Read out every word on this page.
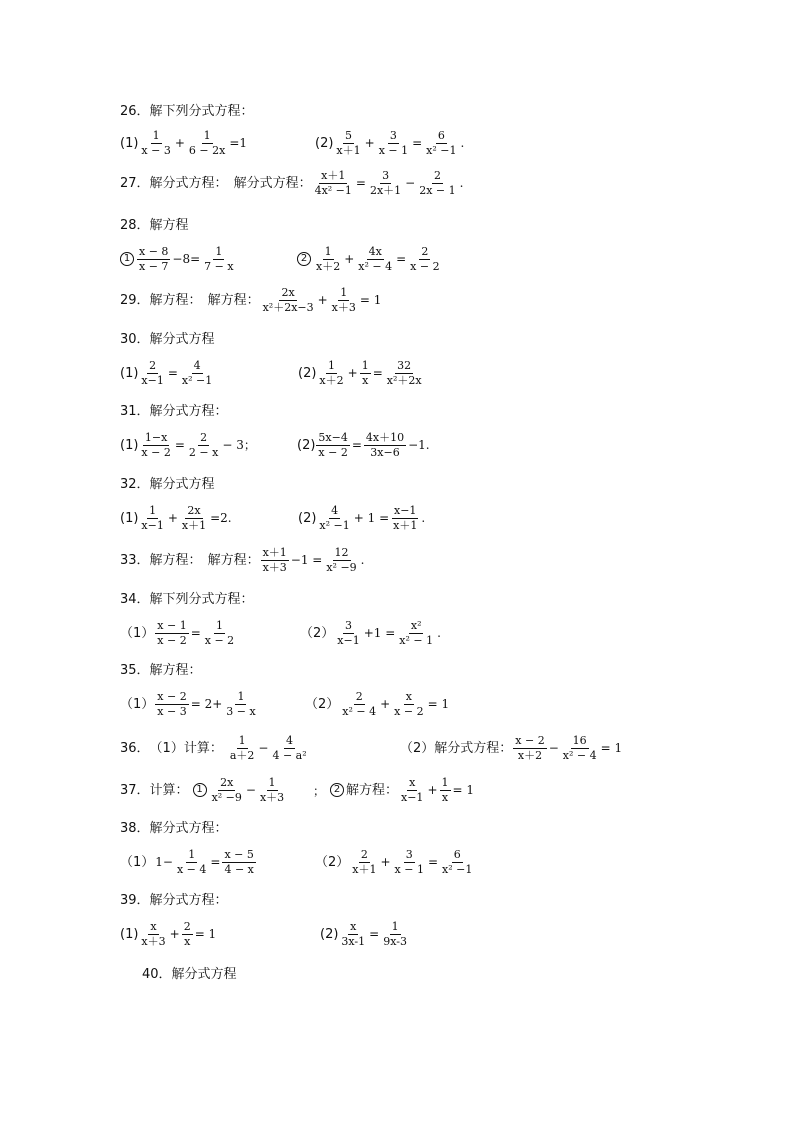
26． 解下列分式方程：
$(1) \frac{1}{x - 3} + \frac{1}{6 - 2x} =1$	$(2) \frac{5}{x+1} + \frac{3}{x - 1} = \frac{6}{\text{x² −1}}$ .
27． 解分式方程： 解分式方程： $\frac{x+1}{\text{4x² −1}} = \frac{3}{2x+1} - \frac{2}{2x - 1}$ .
28． 解方程
$1 \frac{x - 8}{x - 7} -8= \frac{1}{7 - x}$	$2 \frac{1}{x+2} + \frac{4x}{\text{x² − 4}} = \frac{2}{x - 2}$
29． 解方程： 解方程： $\frac{2x}{\text{x²＋2x−3}} + \frac{1}{x+3} = 1$
30． 解分式方程
$(1) \frac{2}{x-1} = \frac{4}{\text{x² −1}}$	$(2) \frac{1}{x+2} + \frac{1}{x} = \frac{32}{\text{x²＋2x}}$
31． 解分式方程：
$(1) \frac{1-x}{x - 2} = \frac{2}{2 - x} - 3$；	$(2) \frac{5x-4}{x - 2} = \frac{4x+10}{3x-6} -1$.
32． 解分式方程
$(1) \frac{1}{x-1} + \frac{2x}{x+1} =2$.	$(2) \frac{4}{\text{x² −1}} + 1 = \frac{x-1}{x+1}$ .
33． 解方程： 解方程： $\frac{x+1}{x+3} -1 = \frac{12}{\text{x² −9}}$ .
34． 解下列分式方程：
$(1) \frac{x - 1}{x - 2} = \frac{1}{x - 2}$	$(2) \frac{3}{x-1} +1 = \frac{\text{x²}}{\text{x² − 1}}$ .
35． 解方程：
$(1) \frac{x - 2}{x - 3} = 2+ \frac{1}{3 - x}$	$(2) \frac{2}{\text{x² − 4}} + \frac{x}{x - 2} = 1$
36． （1）计算： $\frac{1}{a+2} - \frac{4}{\text{4 − a²}}$	（2）解分式方程： $\frac{x - 2}{x+2} - \frac{16}{\text{x² − 4}} = 1$
37． 计算： $1 \frac{2x}{\text{x² −9}} - \frac{1}{x+3}$ ； 2 解方程： $\frac{x}{x-1} + \frac{1}{x} = 1$
38． 解分式方程：
（1） $1- \frac{1}{x - 4} = \frac{x - 5}{4 - x}$	$(2) \frac{2}{x+1} + \frac{3}{x - 1} = \frac{6}{\text{x² −1}}$
39． 解分式方程：
$(1) \frac{x}{x+3} + \frac{2}{x} = 1$	$(2) \frac{x}{3x-1} = \frac{1}{9x-3}$
40． 解分式方程
